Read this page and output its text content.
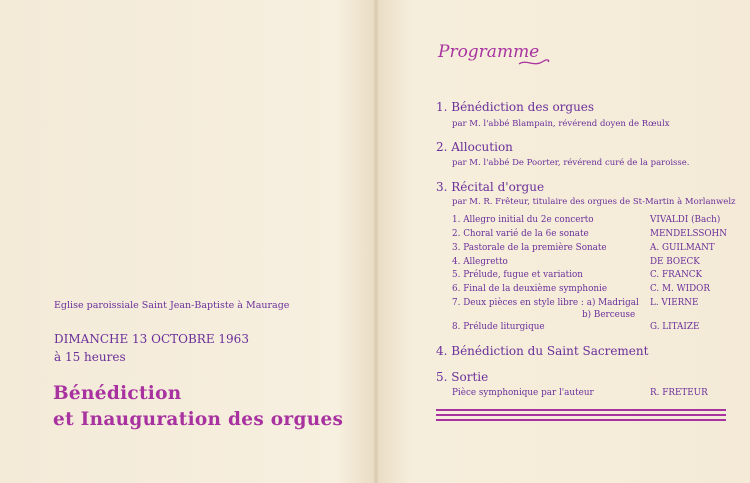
Eglise paroissiale Saint Jean-Baptiste à Maurage
DIMANCHE 13 OCTOBRE 1963
à 15 heures
Bénédiction
et Inauguration des orgues
Programme
1. Bénédiction des orgues
par M. l'abbé Blampain, révérend doyen de Rœulx
2. Allocution
par M. l'abbé De Poorter, révérend curé de la paroisse.
3. Récital d'orgue
par M. R. Frêteur, titulaire des orgues de St-Martin à Morlanwelz
1. Allegro initial du 2e concerto	VIVALDI (Bach)
2. Choral varié de la 6e sonate	MENDELSSOHN
3. Pastorale de la première Sonate	A. GUILMANT
4. Allegretto	DE BOECK
5. Prélude, fugue et variation	C. FRANCK
6. Final de la deuxième symphonie	C. M. WIDOR
7. Deux pièces en style libre : a) Madrigal L. VIERNE
b) Berceuse
8. Prélude liturgique	G. LITAIZE
4. Bénédiction du Saint Sacrement
5. Sortie
Pièce symphonique par l'auteur	R. FRETEUR
